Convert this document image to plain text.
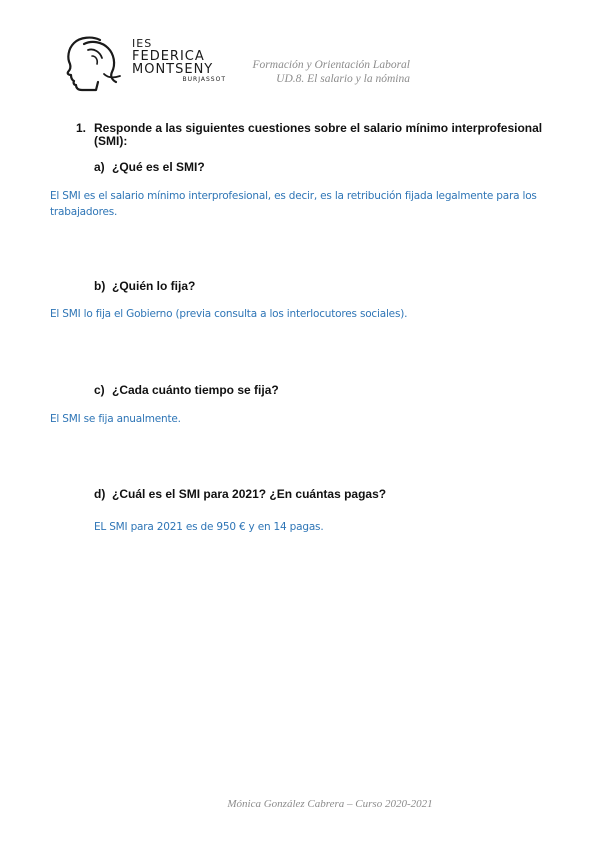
IES
FEDERICA
MONTSENY
BURJASSOT
Formación y Orientación Laboral
UD.8. El salario y la nómina
1. Responde a las siguientes cuestiones sobre el salario mínimo interprofesional (SMI):
a) ¿Qué es el SMI?
El SMI es el salario mínimo interprofesional, es decir, es la retribución fijada legalmente para los trabajadores.
b) ¿Quién lo fija?
El SMI lo fija el Gobierno (previa consulta a los interlocutores sociales).
c) ¿Cada cuánto tiempo se fija?
El SMI se fija anualmente.
d) ¿Cuál es el SMI para 2021? ¿En cuántas pagas?
EL SMI para 2021 es de 950 € y en 14 pagas.
Mónica González Cabrera – Curso 2020-2021
